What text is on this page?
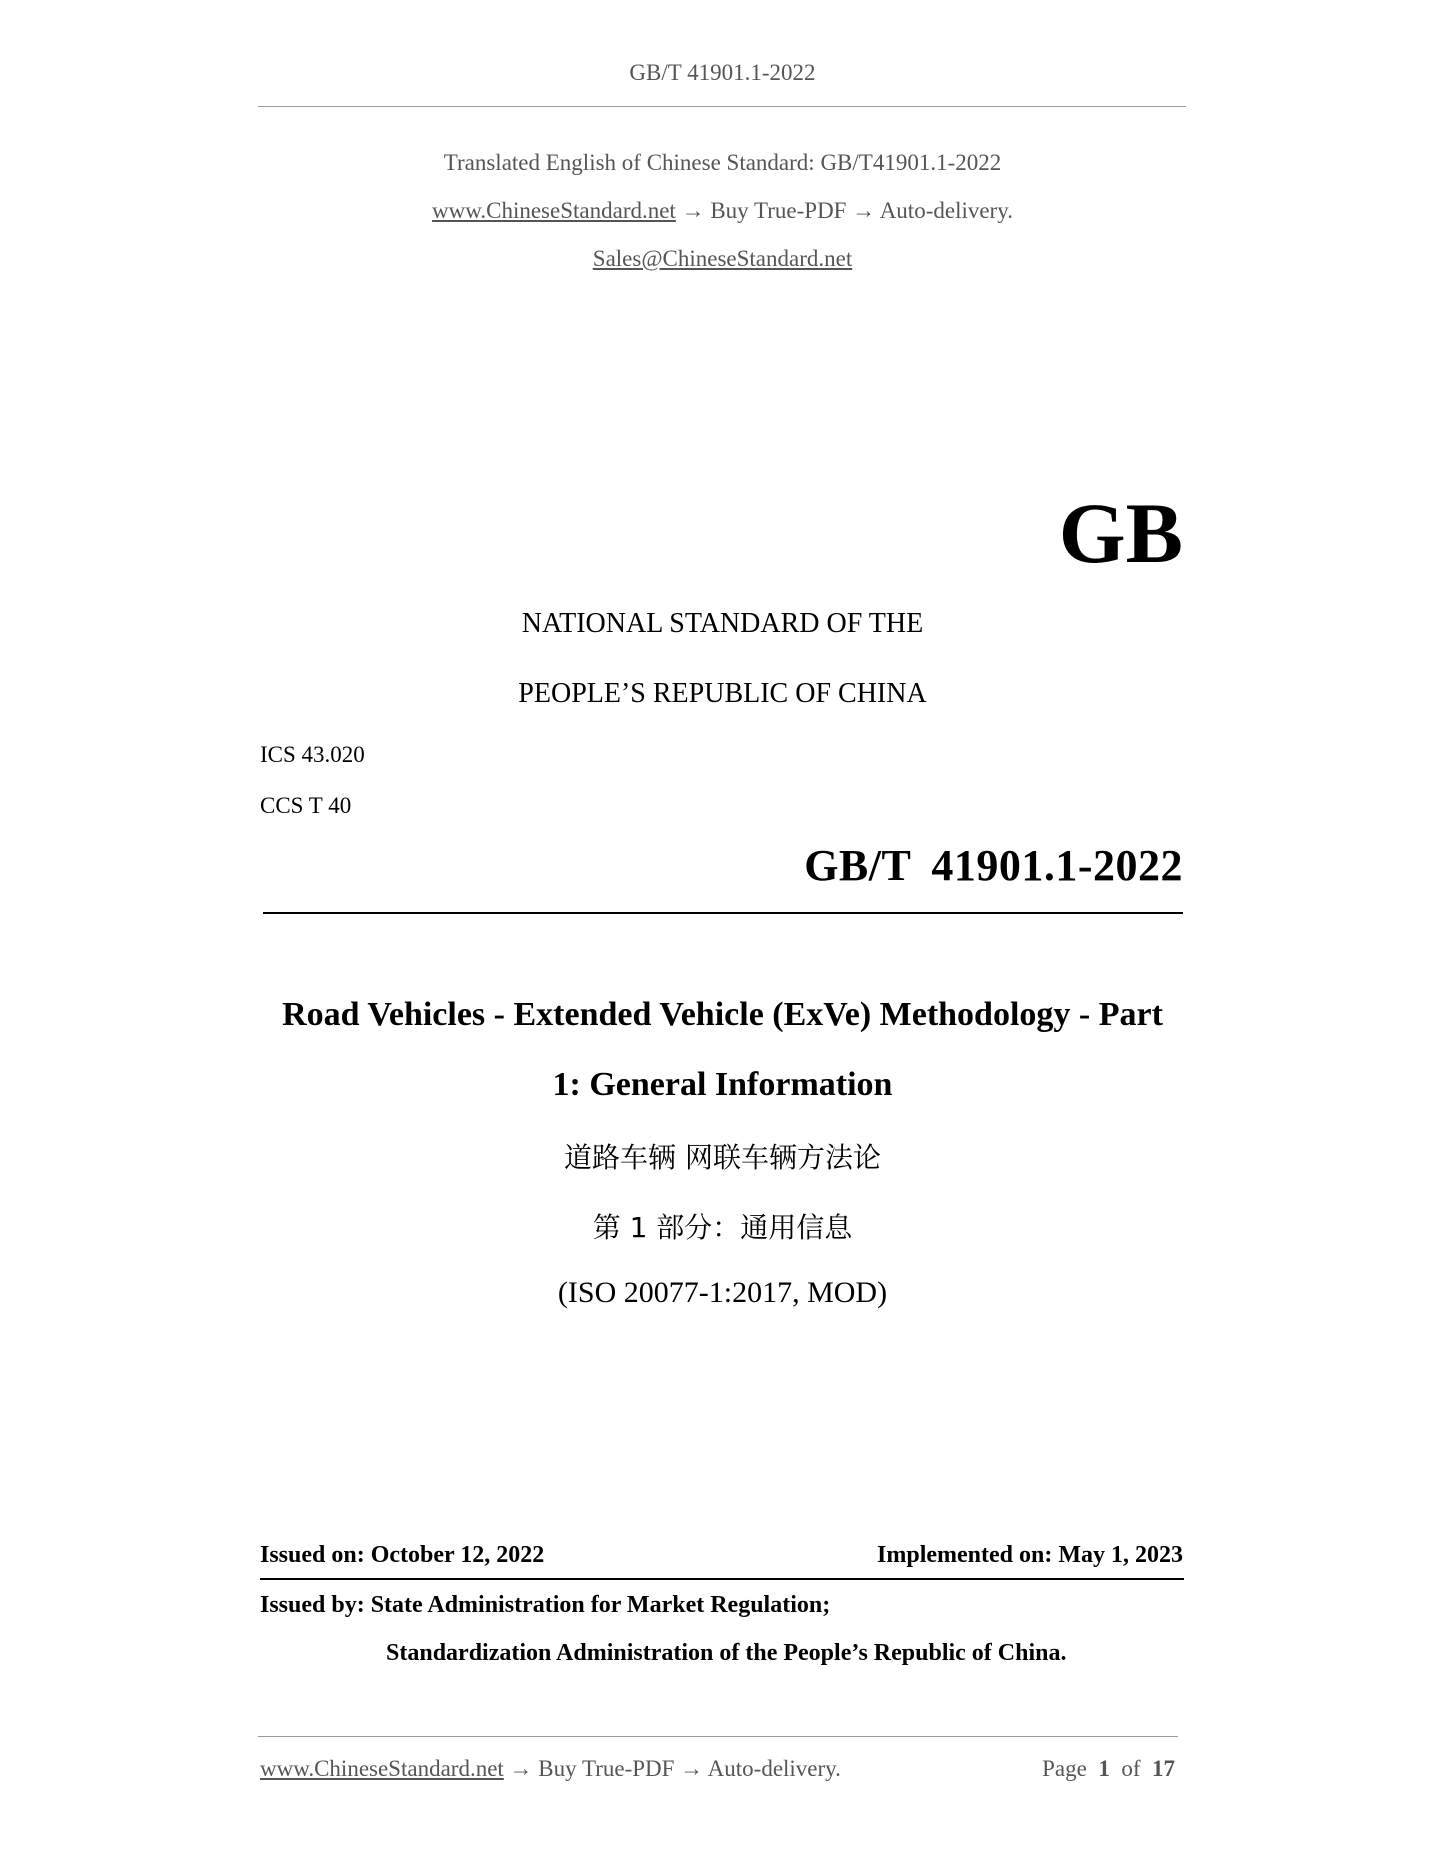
GB/T 41901.1-2022
Translated English of Chinese Standard: GB/T41901.1-2022
www.ChineseStandard.net → Buy True-PDF → Auto-delivery.
Sales@ChineseStandard.net
GB
NATIONAL STANDARD OF THE
PEOPLE’S REPUBLIC OF CHINA
ICS 43.020
CCS T 40
GB/T 41901.1-2022
Road Vehicles - Extended Vehicle (ExVe) Methodology - Part
1: General Information
道路车辆 网联车辆方法论
第 1 部分：通用信息
(ISO 20077-1:2017, MOD)
Issued on: October 12, 2022	Implemented on: May 1, 2023
Issued by: State Administration for Market Regulation;
Standardization Administration of the People’s Republic of China.
www.ChineseStandard.net → Buy True-PDF → Auto-delivery.	Page 1 of 17
